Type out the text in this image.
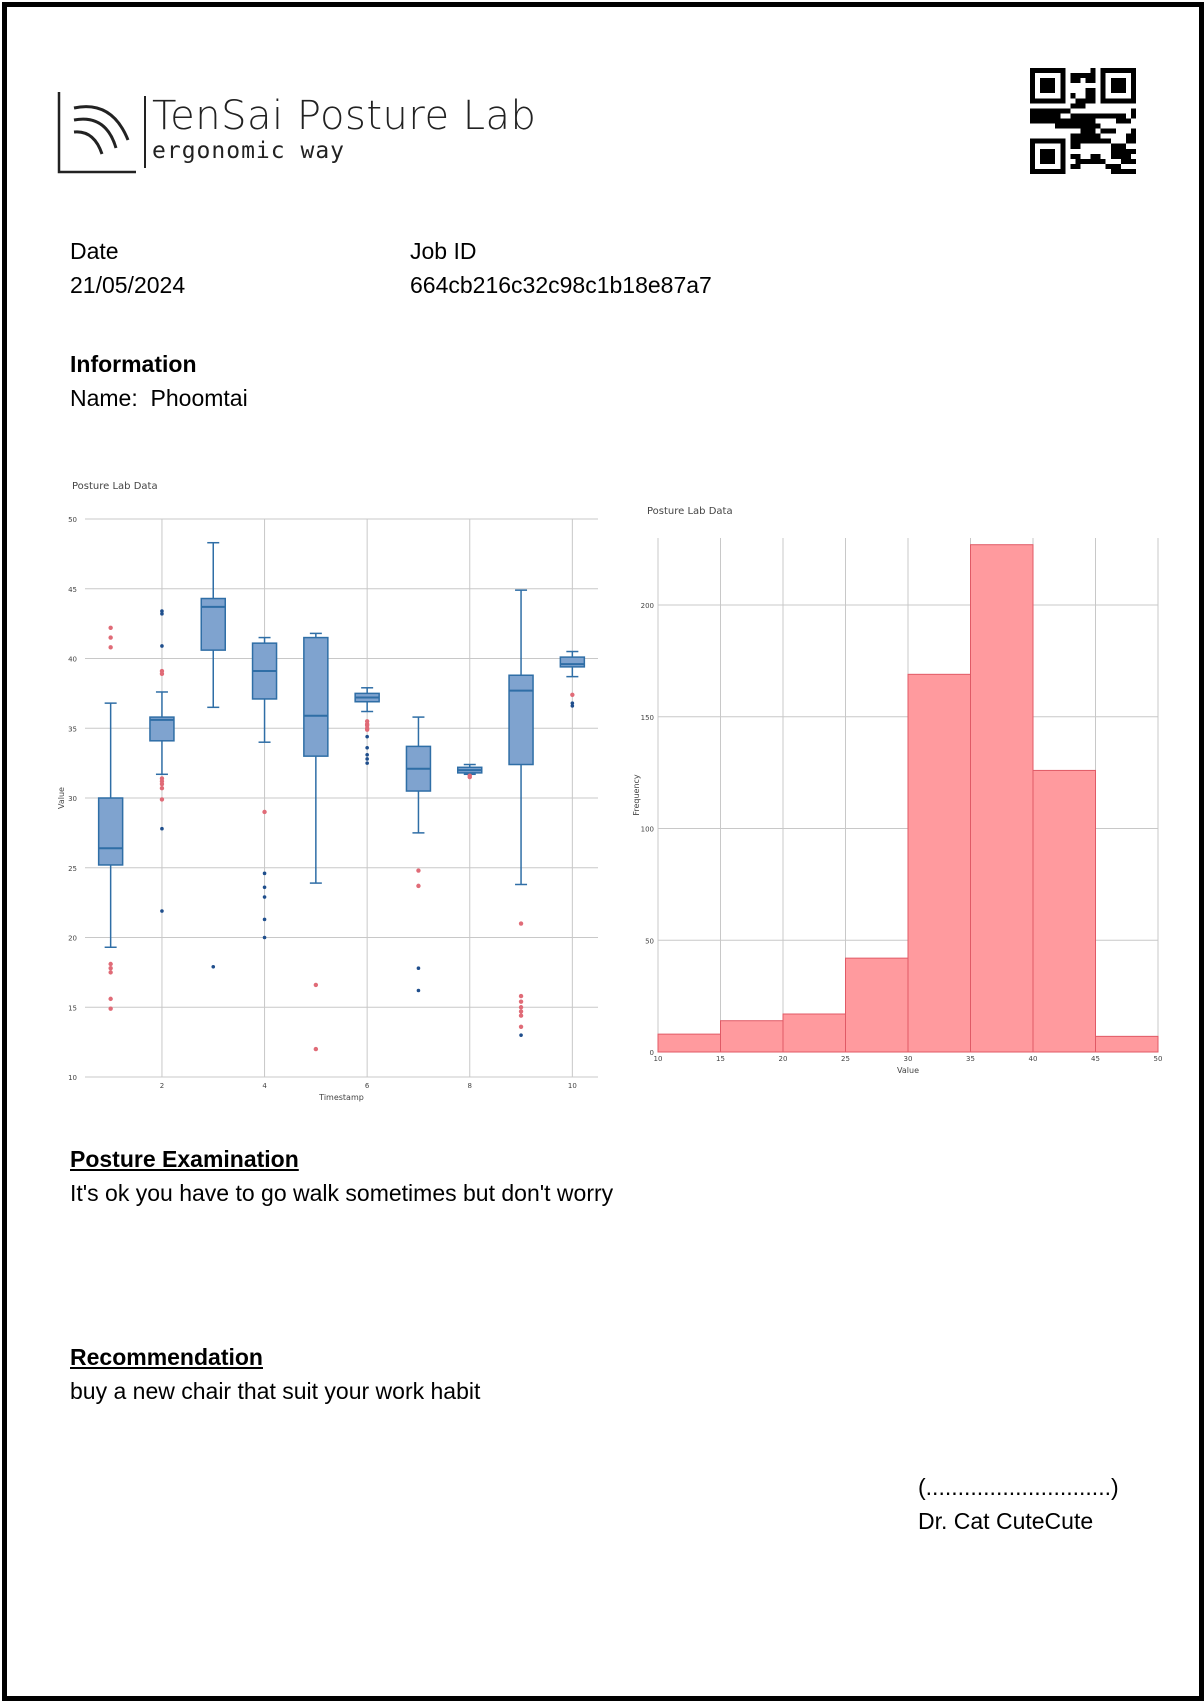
TenSai Posture Lab
ergonomic way
Date
21/05/2024
Job ID
664cb216c32c98c1b18e87a7
Information
Name: Phoomtai
Posture Lab Data
10
15
20
25
30
35
40
45
50
2	4	6	8	10
Timestamp
Value
Posture Lab Data
0
50
100
150
200
10	15	20	25	30	35	40	45	50
Value
Frequency
Posture Examination
It's ok you have to go walk sometimes but don't worry
Recommendation
buy a new chair that suit your work habit
(.............................)
Dr. Cat CuteCute
